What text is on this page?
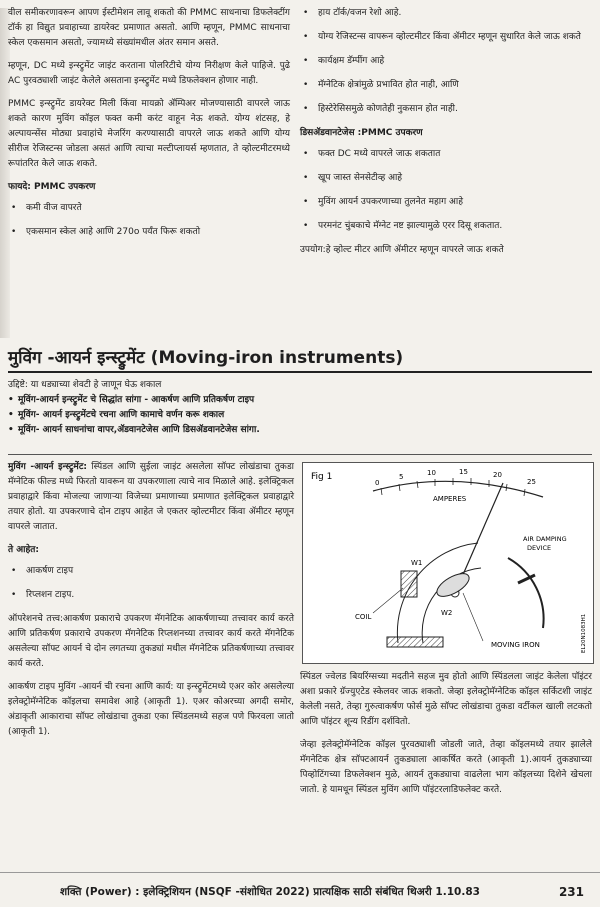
वील समीकरणावरून आपण ईस्टीमेशन लावू शकतो की PMMC साधनाचा डिफलेक्टींग टॉर्क हा विद्युत प्रवाहाच्या डायरेक्ट प्रमाणात असतो. आणि म्हणून, PMMC साधनाचा स्केल एकसमान असतो, ज्यामध्ये संख्यांमधील अंतर समान असते.

म्हणून, DC मध्ये इन्स्ट्रुमेंट जाइंट करताना पोलरिटीचे योग्य निरीक्षण केले पाहिजे. पुढे AC पुरवठ्याशी जाइंट केलेले असताना इन्स्ट्रुमेंट मध्ये डिफलेक्शन होणार नाही.

PMMC इन्स्ट्रुमेंट डायरेक्ट मिली किंवा मायक्रो ॲम्पिअर मोजण्यासाठी वापरले जाऊ शकते कारण मुविंग कॉइल फक्त कमी करंट वाहून नेऊ शकते. योग्य शंटसह, हे अल्पायन्सेंस मोठ्या प्रवाहांचे मेजरिंग करण्यासाठी वापरले जाऊ शकते आणि योग्य सीरीज रेजिस्टन्स जोडला असतं आणि त्याचा मल्टीप्लायर्स म्हणतात, ते व्होल्टमीटरमध्ये रूपांतरित केले जाऊ शकते.

फायदे: PMMC उपकरण
• कमी वीज वापरते
• एकसमान स्केल आहे आणि 270o पर्यंत फिरू शकतो
• हाय टॉर्क/वजन रेशो आहे.
• योग्य रेजिस्टन्स वापरून व्होल्टमीटर किंवा ॲमीटर म्हणून सुधारित केले जाऊ शकते
• कार्यक्षम डॅम्पींग आहे
• मॅग्नेटिक क्षेत्रांमुळे प्रभावित होत नाही, आणि
• हिस्टेरेसिसमुळे कोणतेही नुकसान होत नाही.
डिसॲडवानटेजेस :PMMC उपकरण
• फक्त DC मध्ये वापरले जाऊ शकतात
• खूप जास्त सेनसेटीव्ह आहे
• मुविंग आयर्न उपकरणाच्या तुलनेत महाग आहे
• परमनंट चुंबकाचे मॅग्नेट नष्ट झाल्यामुळे एरर दिसू शकतात.

उपयोग:हे व्होल्ट मीटर आणि ॲमीटर म्हणून वापरले जाऊ शकते

मुविंग -आयर्न इन्स्ट्रुमेंट (Moving-iron instruments)
उद्दिष्टे: या धड्याच्या शेवटी हे जाणून घेऊ शकाल
• मूविंग-आयर्न इन्स्ट्रुमेंट चे सिद्धांत सांगा - आकर्षण आणि प्रतिकर्षण टाइप
• मूविंग- आयर्न इन्स्ट्रुमेंटचे रचना आणि कामाचे वर्णन करू शकाल
• मूविंग- आयर्न साधनांचा वापर,ॲडवानटेजेस आणि डिसॲडवानटेजेस सांगा.

मुविंग -आयर्न इन्स्ट्रुमेंट: स्पिंडल आणि सुईला जाइंट असलेला सॉफ्ट लोखंडाचा तुकडा मॅग्नेटिक फील्ड मध्ये फिरतो यावरून या उपकरणाला त्याचे नाव मिळाले आहे. इलेक्ट्रिकल प्रवाहाद्वारे किंवा मोजल्या जाणार्‍या विजेच्या प्रमाणाच्या प्रमाणात इलेक्ट्रिकल प्रवाहाद्वारे तयार होतो. या उपकरणाचे दोन टाइप आहेत जे एकतर व्होल्टमीटर किंवा ॲमीटर म्हणून वापरले जातात.

ते आहेत:
• आकर्षण टाइप
• रिप्लशन टाइप.

ऑपरेशनचे तत्त्व:आकर्षण प्रकाराचे उपकरण मॅगनेटिक आकर्षणाच्या तत्त्वावर कार्य करते आणि प्रतिकर्षण प्रकाराचे उपकरण मॅगनेटिक रिप्लशनच्या तत्त्वावर कार्य करते मॅगनेटिक असलेल्या सॉफ्ट आयर्न चे दोन लगतच्या तुकड्यां मधील मॅगनेटिक प्रतिकर्षणाच्या तत्त्वावर कार्य करते.

आकर्षण टाइप मुविंग -आयर्न ची रचना आणि कार्य: या इन्स्ट्रुमेंटमध्ये एअर कोर असलेल्या इलेक्ट्रोमॅग्नेटिक कॉइलचा समावेश आहे (आकृती 1). एअर कोअरच्या अगदी समोर, अंडाकृती आकाराचा सॉफ्ट लोखंडाचा तुकडा एका स्पिंडलमध्ये सहज पणे फिरवला जातो (आकृती 1).

Fig 1
0
5	10	15	20
25
AMPERES
AIR DAMPING
DEVICE
W1
W2
COIL
MOVING IRON	EL20N1083H1

स्पिंडल ज्वेलड बियरिंग्सच्या मदतीने सहज मुव होतो आणि स्पिंडलला जाइंट केलेला पॉइंटर अशा प्रकारे ग्रॅज्युएटेड स्केलवर जाऊ शकतो. जेव्हा इलेक्ट्रोमॅग्नेटिक कॉइल सर्किटशी जाइंट केलेली नसते, तेव्हा गुरुत्वाकर्षण फोर्स मुळे सॉफ्ट लोखंडाचा तुकडा वर्टीकल खाली लटकतो आणि पॉइंटर शून्य रिडींग दर्शवितो.

जेव्हा इलेक्ट्रोमॅग्नेटिक कॉइल पुरवठ्याशी जोडली जाते, तेव्हा कॉइलमध्ये तयार झालेले मॅगनेटिक क्षेत्र सॉफ्टआयर्न तुकड्याला आकर्षित करते (आकृती 1).आयर्न तुकड्याच्या पिव्होटिंगच्या डिफलेक्शन मुळे, आयर्न तुकड्याचा वाढलेला भाग कॉइलच्या दिशेने खेचला जातो. हे यामधून स्पिंडल मुविंग आणि पॉइंटरलाडिफलेक्ट करते.

शक्ति (Power) : इलेक्ट्रिशियन (NSQF -संशोधित 2022) प्रात्यक्षिक साठी संबंधित थिअरी 1.10.83	231
